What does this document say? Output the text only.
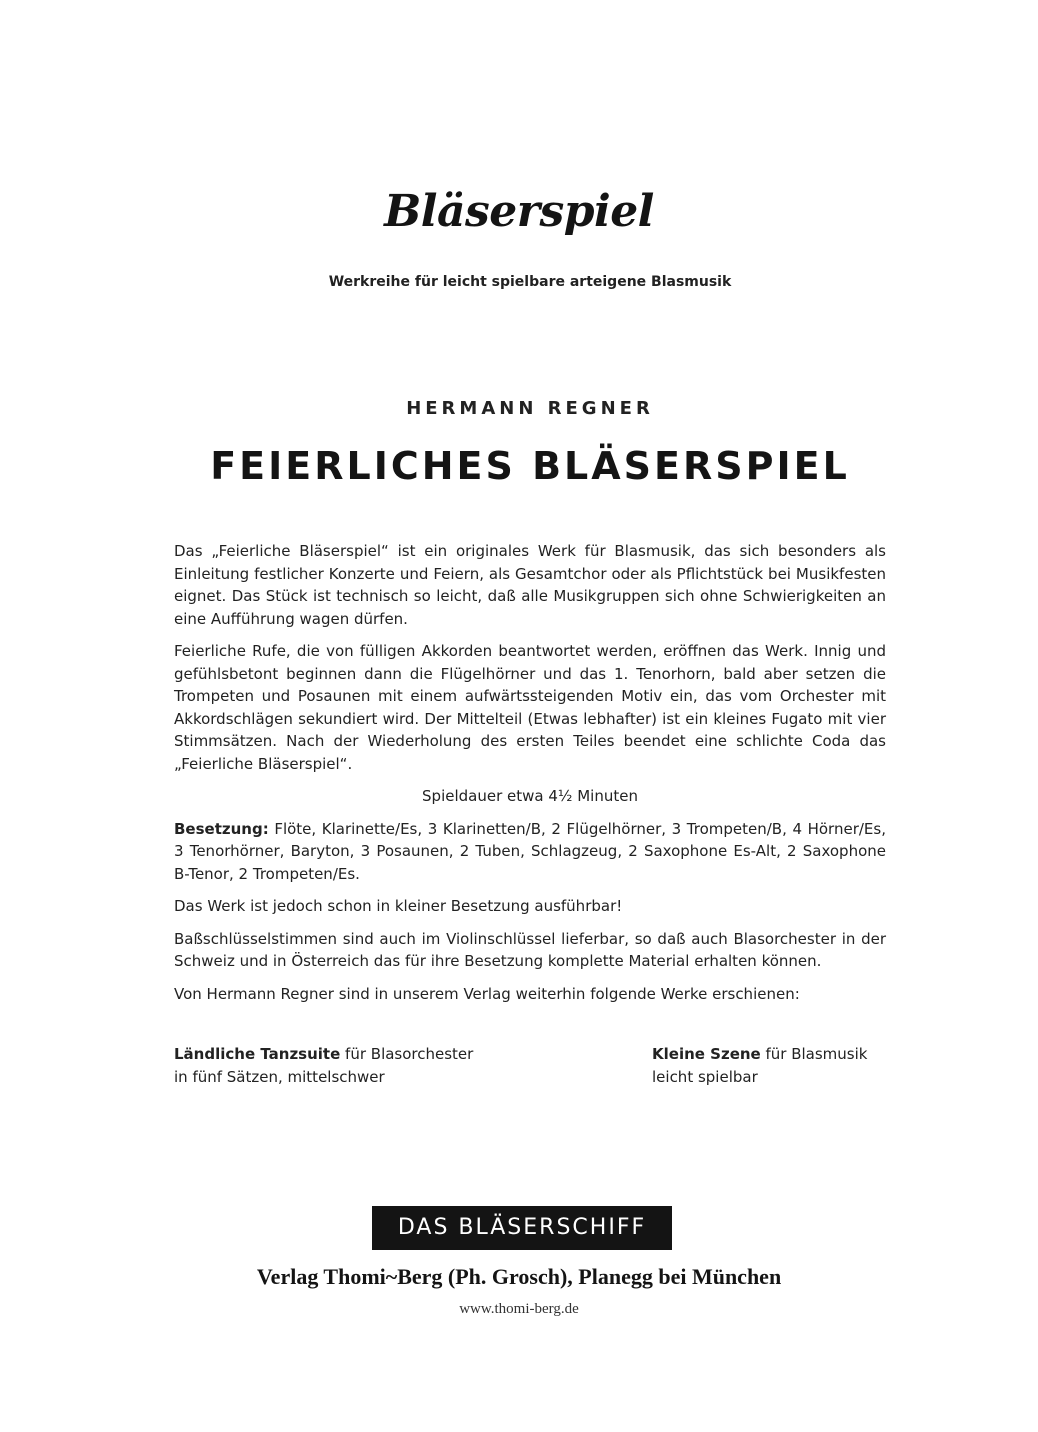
Bläserspiel
Werkreihe für leicht spielbare arteigene Blasmusik
HERMANN REGNER
FEIERLICHES BLÄSERSPIEL

Das „Feierliche Bläserspiel“ ist ein originales Werk für Blasmusik, das sich besonders als Einleitung festlicher Konzerte und Feiern, als Gesamtchor oder als Pflichtstück bei Musikfesten eignet. Das Stück ist technisch so leicht, daß alle Musikgruppen sich ohne Schwierigkeiten an eine Aufführung wagen dürfen.

Feierliche Rufe, die von fülligen Akkorden beantwortet werden, eröffnen das Werk. Innig und gefühlsbetont beginnen dann die Flügelhörner und das 1. Tenorhorn, bald aber setzen die Trompeten und Posaunen mit einem aufwärtssteigenden Motiv ein, das vom Orchester mit Akkordschlägen sekundiert wird. Der Mittelteil (Etwas lebhafter) ist ein kleines Fugato mit vier Stimmsätzen. Nach der Wiederholung des ersten Teiles beendet eine schlichte Coda das „Feierliche Bläserspiel“.

Spieldauer etwa 4½ Minuten

Besetzung: Flöte, Klarinette/Es, 3 Klarinetten/B, 2 Flügelhörner, 3 Trompeten/B, 4 Hörner/Es, 3 Tenorhörner, Baryton, 3 Posaunen, 2 Tuben, Schlagzeug, 2 Saxophone Es-Alt, 2 Saxophone B-Tenor, 2 Trompeten/Es.

Das Werk ist jedoch schon in kleiner Besetzung ausführbar!

Baßschlüsselstimmen sind auch im Violinschlüssel lieferbar, so daß auch Blasorchester in der Schweiz und in Österreich das für ihre Besetzung komplette Material erhalten können.

Von Hermann Regner sind in unserem Verlag weiterhin folgende Werke erschienen:

Ländliche Tanzsuite für Blasorchester
in fünf Sätzen, mittelschwer
Kleine Szene für Blasmusik
leicht spielbar
DAS BLÄSERSCHIFF
Verlag Thomi~Berg (Ph. Grosch), Planegg bei München
www.thomi-berg.de
